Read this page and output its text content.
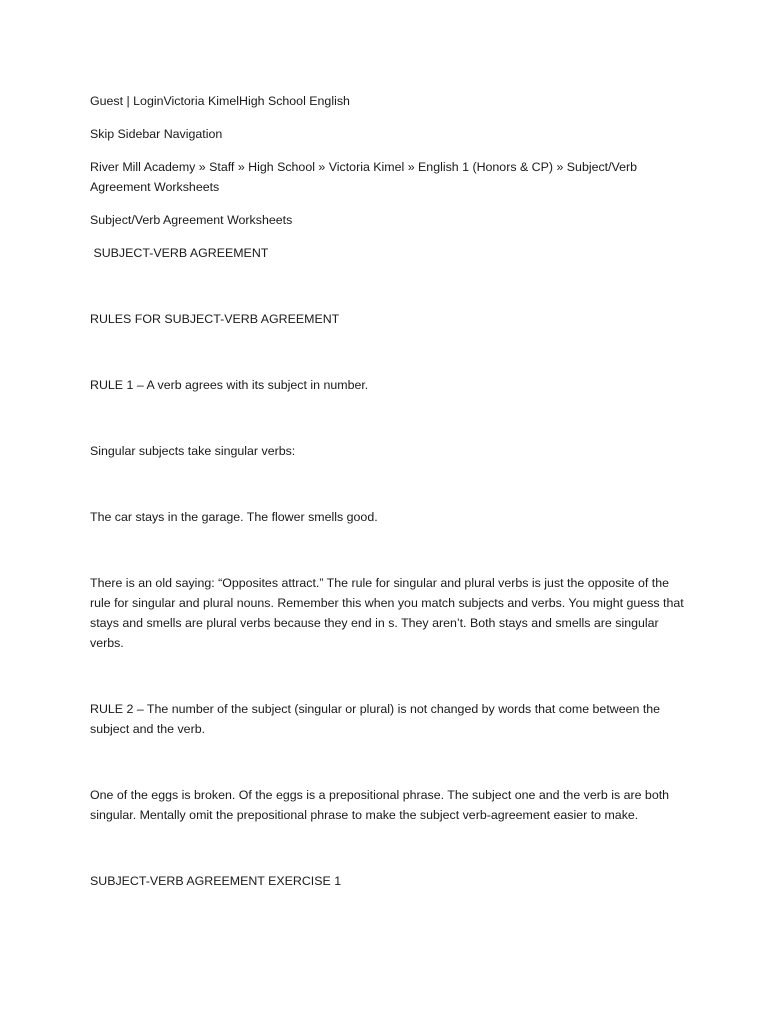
Guest | LoginVictoria KimelHigh School English

Skip Sidebar Navigation

River Mill Academy » Staff » High School » Victoria Kimel » English 1 (Honors & CP) » Subject/Verb Agreement Worksheets

Subject/Verb Agreement Worksheets

SUBJECT-VERB AGREEMENT

RULES FOR SUBJECT-VERB AGREEMENT

RULE 1 – A verb agrees with its subject in number.

Singular subjects take singular verbs:

The car stays in the garage. The flower smells good.

There is an old saying: “Opposites attract.” The rule for singular and plural verbs is just the opposite of the rule for singular and plural nouns. Remember this when you match subjects and verbs. You might guess that stays and smells are plural verbs because they end in s. They aren’t. Both stays and smells are singular verbs.

RULE 2 – The number of the subject (singular or plural) is not changed by words that come between the subject and the verb.

One of the eggs is broken. Of the eggs is a prepositional phrase. The subject one and the verb is are both singular. Mentally omit the prepositional phrase to make the subject verb-agreement easier to make.

SUBJECT-VERB AGREEMENT EXERCISE 1
